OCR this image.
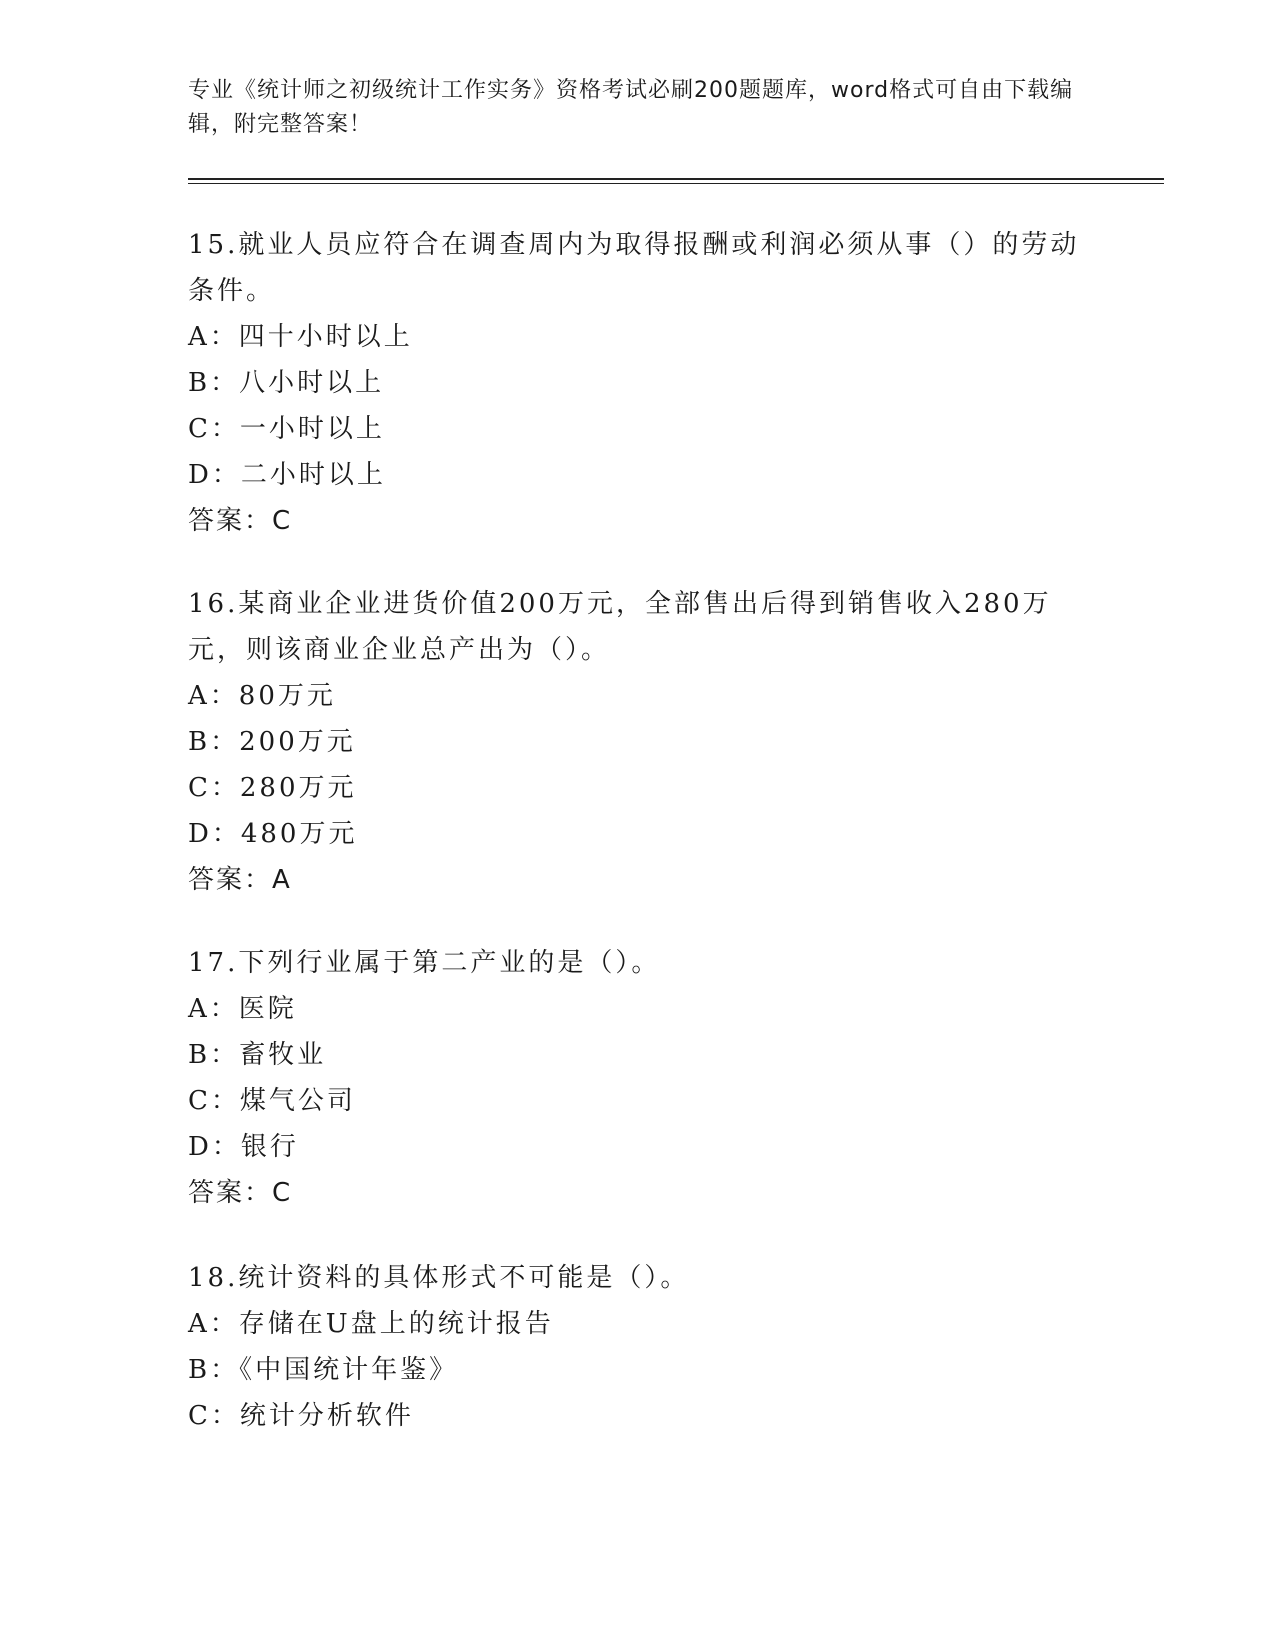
专业《统计师之初级统计工作实务》资格考试必刷200题题库，word格式可自由下载编辑，附完整答案！
15.就业人员应符合在调查周内为取得报酬或利润必须从事（）的劳动条件。
A：四十小时以上
B：八小时以上
C：一小时以上
D：二小时以上
答案：C
16.某商业企业进货价值200万元，全部售出后得到销售收入280万元，则该商业企业总产出为（）。
A：80万元
B：200万元
C：280万元
D：480万元
答案：A
17.下列行业属于第二产业的是（）。
A：医院
B：畜牧业
C：煤气公司
D：银行
答案：C
18.统计资料的具体形式不可能是（）。
A：存储在U盘上的统计报告
B：《中国统计年鉴》
C：统计分析软件
